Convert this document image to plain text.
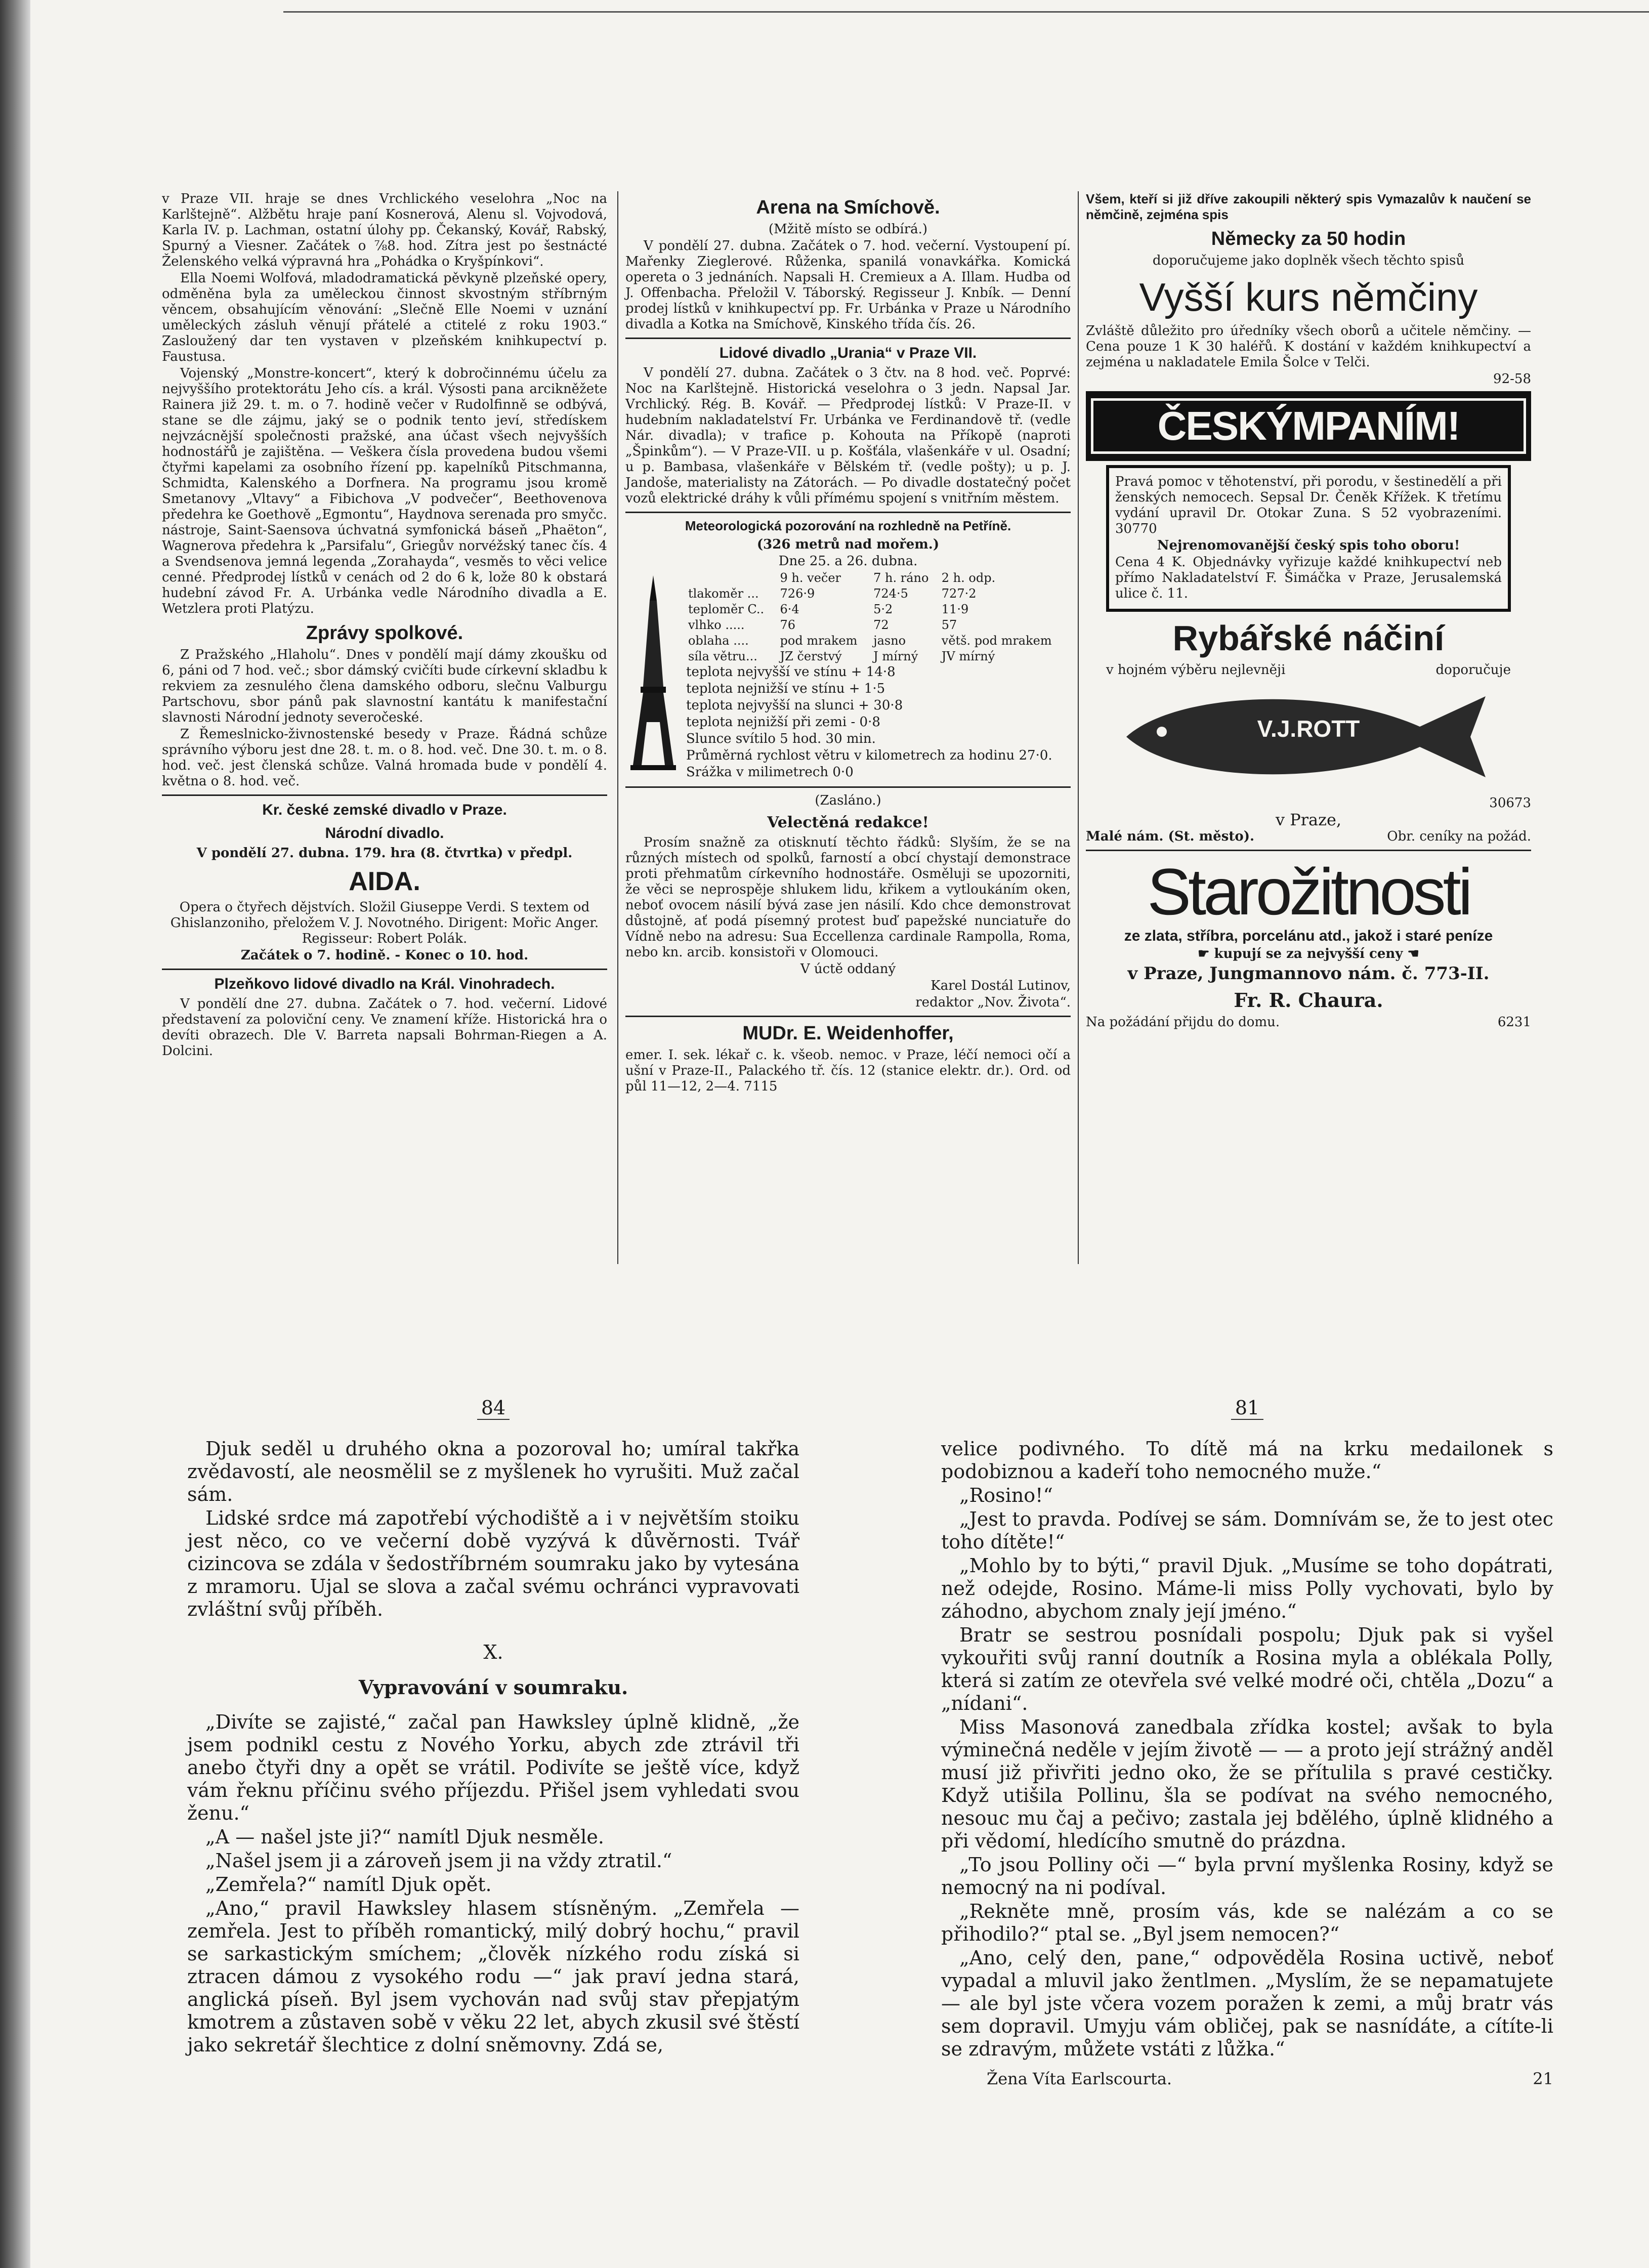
v Praze VII. hraje se dnes Vrchlického veselohra „Noc na Karlštejně“. Alžbětu hraje paní Kosnerová, Alenu sl. Vojvodová, Karla IV. p. Lachman, ostatní úlohy pp. Čekanský, Kovář, Rabský, Spurný a Viesner. Začátek o ⅞8. hod. Zítra jest po šestnácté Želenského velká výpravná hra „Pohádka o Kryšpínkovi“.

Ella Noemi Wolfová, mladodramatická pěvkyně plzeňské opery, odměněna byla za uměleckou činnost skvostným stříbrným věncem, obsahujícím věnování: „Slečně Elle Noemi v uznání uměleckých zásluh věnují přátelé a ctitelé z roku 1903.“ Zasloužený dar ten vystaven v plzeňském knihkupectví p. Faustusa.

Vojenský „Monstre-koncert“, který k dobročinnému účelu za nejvyššího protektorátu Jeho cís. a král. Výsosti pana arcikněžete Rainera již 29. t. m. o 7. hodině večer v Rudolfinně se odbývá, stane se dle zájmu, jaký se o podnik tento jeví, středískem nejvzácnější společnosti pražské, ana účast všech nejvyšších hodnostářů je zajištěna. — Veškera čísla provedena budou všemi čtyřmi kapelami za osobního řízení pp. kapelníků Pitschmanna, Schmidta, Kalenského a Dorfnera. Na programu jsou kromě Smetanovy „Vltavy“ a Fibichova „V podvečer“, Beethovenova předehra ke Goethově „Egmontu“, Haydnova serenada pro smyčc. nástroje, Saint-Saensova úchvatná symfonická báseň „Phaëton“, Wagnerova předehra k „Parsifalu“, Griegův norvéžský tanec čís. 4 a Svendsenova jemná legenda „Zorahayda“, vesměs to věci velice cenné. Předprodej lístků v cenách od 2 do 6 k, lože 80 k obstará hudební závod Fr. A. Urbánka vedle Národního divadla a E. Wetzlera proti Platýzu.

Zprávy spolkové.

Z Pražského „Hlaholu“. Dnes v pondělí mají dámy zkoušku od 6, páni od 7 hod. več.; sbor dámský cvičíti bude církevní skladbu k rekviem za zesnulého člena damského odboru, slečnu Valburgu Partschovu, sbor pánů pak slavnostní kantátu k manifestační slavnosti Národní jednoty severočeské.

Z Řemeslnicko-živnostenské besedy v Praze. Řádná schůze správního výboru jest dne 28. t. m. o 8. hod. več. Dne 30. t. m. o 8. hod. več. jest členská schůze. Valná hromada bude v pondělí 4. května o 8. hod. več.

Kr. české zemské divadlo v Praze.
Národní divadlo.

V pondělí 27. dubna. 179. hra (8. čtvrtka) v předpl.

AIDA.

Opera o čtyřech dějstvích. Složil Giuseppe Verdi. S textem od Ghislanzoniho, přeložem V. J. Novotného. Dirigent: Mořic Anger. Regisseur: Robert Polák.

Začátek o 7. hodině. - Konec o 10. hod.

Plzeňkovo lidové divadlo na Král. Vinohradech.

V pondělí dne 27. dubna. Začátek o 7. hod. večerní. Lidové představení za poloviční ceny. Ve znamení kříže. Historická hra o devíti obrazech. Dle V. Barreta napsali Bohrman-Riegen a A. Dolcini.

Arena na Smíchově.

(Mžitě místo se odbírá.)

V pondělí 27. dubna. Začátek o 7. hod. večerní. Vystoupení pí. Mařenky Zieglerové. Růženka, spanilá vonavkářka. Komická opereta o 3 jednáních. Napsali H. Cremieux a A. Illam. Hudba od J. Offenbacha. Přeložil V. Táborský. Regisseur J. Knbík. — Denní prodej lístků v knihkupectví pp. Fr. Urbánka v Praze u Národního divadla a Kotka na Smíchově, Kinského třída čís. 26.

Lidové divadlo „Urania“ v Praze VII.

V pondělí 27. dubna. Začátek o 3 čtv. na 8 hod. več. Poprvé: Noc na Karlštejně. Historická veselohra o 3 jedn. Napsal Jar. Vrchlický. Rég. B. Kovář. — Předprodej lístků: V Praze-II. v hudebním nakladatelství Fr. Urbánka ve Ferdinandově tř. (vedle Nár. divadla); v trafice p. Kohouta na Příkopě (naproti „Špinkům“). — V Praze-VII. u p. Košťála, vlašenkáře v ul. Osadní; u p. Bambasa, vlašenkáře v Bělském tř. (vedle pošty); u p. J. Jandoše, materialisty na Zátorách. — Po divadle dostatečný počet vozů elektrické dráhy k vůli přímému spojení s vnitřním městem.

Meteorologická pozorování na rozhledně na Petříně.

(326 metrů nad mořem.)

Dne 25. a 26. dubna.

	9 h. večer	7 h. ráno	2 h. odp.
tlakoměr ...	726·9	724·5	727·2
teploměr C..	6·4	5·2	11·9
vlhko .....	76	72	57
oblaha ....	pod mrakem	jasno	větš. pod mrakem
síla větru...	JZ čerstvý	J mírný	JV mírný

teplota nejvyšší ve stínu + 14·8

teplota nejnižší ve stínu + 1·5

teplota nejvyšší na slunci + 30·8

teplota nejnižší při zemi - 0·8

Slunce svítilo 5 hod. 30 min.

Průměrná rychlost větru v kilometrech za hodinu 27·0.

Srážka v milimetrech 0·0

(Zasláno.)

Velectěná redakce!

Prosím snažně za otisknutí těchto řádků: Slyším, že se na různých místech od spolků, farností a obcí chystají demonstrace proti přehmatům církevního hodnostáře. Osměluji se upozorniti, že věci se neprospěje shlukem lidu, křikem a vytloukáním oken, neboť ovocem násilí bývá zase jen násilí. Kdo chce demonstrovat důstojně, ať podá písemný protest buď papežské nunciatuře do Vídně nebo na adresu: Sua Eccellenza cardinale Rampolla, Roma, nebo kn. arcib. konsistoři v Olomouci.

V úctě oddaný

Karel Dostál Lutinov,

redaktor „Nov. Života“.

MUDr. E. Weidenhoffer,

emer. I. sek. lékař c. k. všeob. nemoc. v Praze, léčí nemoci očí a ušní v Praze-II., Palackého tř. čís. 12 (stanice elektr. dr.). Ord. od půl 11—12, 2—4. 7115

Všem, kteří si již dříve zakoupili některý spis Vymazalův k naučení se němčině, zejména spis

Německy za 50 hodin

doporučujeme jako doplněk všech těchto spisů

Vyšší kurs němčiny

Zvláště důležito pro úředníky všech oborů a učitele němčiny. — Cena pouze 1 K 30 haléřů. K dostání v každém knihkupectví a zejména u nakladatele Emila Šolce v Telči.

92-58

ČESKÝMPANÍM!

Pravá pomoc v těhotenství, při porodu, v šestinedělí a při ženských nemocech. Sepsal Dr. Čeněk Křížek. K třetímu vydání upravil Dr. Otokar Zuna. S 52 vyobrazeními. 30770

Nejrenomovanější český spis toho oboru!

Cena 4 K. Objednávky vyřizuje každé knihkupectví neb přímo Nakladatelství F. Šimáčka v Praze, Jerusalemská ulice č. 11.

Rybářské náčiní
v hojném výběru nejlevněji	doporučuje
V.J.ROTT

30673

v Praze,

Malé nám. (St. město).	Obr. ceníky na požád.
Starožitnosti

ze zlata, stříbra, porcelánu atd., jakož i staré peníze

☛ kupují se za nejvyšší ceny ☚

v Praze, Jungmannovo nám. č. 773-II.

Fr. R. Chaura.
Na požádání přijdu do domu.	6231
84

Djuk seděl u druhého okna a pozoroval ho; umíral takřka zvědavostí, ale neosmělil se z myšlenek ho vyrušiti. Muž začal sám.

Lidské srdce má zapotřebí východiště a i v největším stoiku jest něco, co ve večerní době vyzývá k důvěrnosti. Tvář cizincova se zdála v šedostříbrném soumraku jako by vytesána z mramoru. Ujal se slova a začal svému ochránci vypravovati zvláštní svůj příběh.

X.

Vypravování v soumraku.

„Divíte se zajisté,“ začal pan Hawksley úplně klidně, „že jsem podnikl cestu z Nového Yorku, abych zde ztrávil tři anebo čtyři dny a opět se vrátil. Podivíte se ještě více, když vám řeknu příčinu svého příjezdu. Přišel jsem vyhledati svou ženu.“

„A — našel jste ji?“ namítl Djuk nesměle.

„Našel jsem ji a zároveň jsem ji na vždy ztratil.“

„Zemřela?“ namítl Djuk opět.

„Ano,“ pravil Hawksley hlasem stísněným. „Zemřela — zemřela. Jest to příběh romantický, milý dobrý hochu,“ pravil se sarkastickým smíchem; „člověk nízkého rodu získá si ztracen dámou z vysokého rodu —“ jak praví jedna stará, anglická píseň. Byl jsem vychován nad svůj stav přepjatým kmotrem a zůstaven sobě v věku 22 let, abych zkusil své štěstí jako sekretář šlechtice z dolní sněmovny. Zdá se,

81

velice podivného. To dítě má na krku medailonek s podobiznou a kadeří toho nemocného muže.“

„Rosino!“

„Jest to pravda. Podívej se sám. Domnívám se, že to jest otec toho dítěte!“

„Mohlo by to býti,“ pravil Djuk. „Musíme se toho dopátrati, než odejde, Rosino. Máme-li miss Polly vychovati, bylo by záhodno, abychom znaly její jméno.“

Bratr se sestrou posnídali pospolu; Djuk pak si vyšel vykouřiti svůj ranní doutník a Rosina myla a oblékala Polly, která si zatím ze otevřela své velké modré oči, chtěla „Dozu“ a „nídani“.

Miss Masonová zanedbala zřídka kostel; avšak to byla výminečná neděle v jejím životě — — a proto její strážný anděl musí již přivřiti jedno oko, že se přítulila s pravé cestičky. Když utišila Pollinu, šla se podívat na svého nemocného, nesouc mu čaj a pečivo; zastala jej bdělého, úplně klidného a při vědomí, hledícího smutně do prázdna.

„To jsou Polliny oči —“ byla první myšlenka Rosiny, když se nemocný na ni podíval.

„Rekněte mně, prosím vás, kde se nalézám a co se přihodilo?“ ptal se. „Byl jsem nemocen?“

„Ano, celý den, pane,“ odpověděla Rosina uctivě, neboť vypadal a mluvil jako žentlmen. „Myslím, že se nepamatujete — ale byl jste včera vozem poražen k zemi, a můj bratr vás sem dopravil. Umyju vám obličej, pak se nasnídáte, a cítíte-li se zdravým, můžete vstáti z lůžka.“

Žena Víta Earlscourta.	21
